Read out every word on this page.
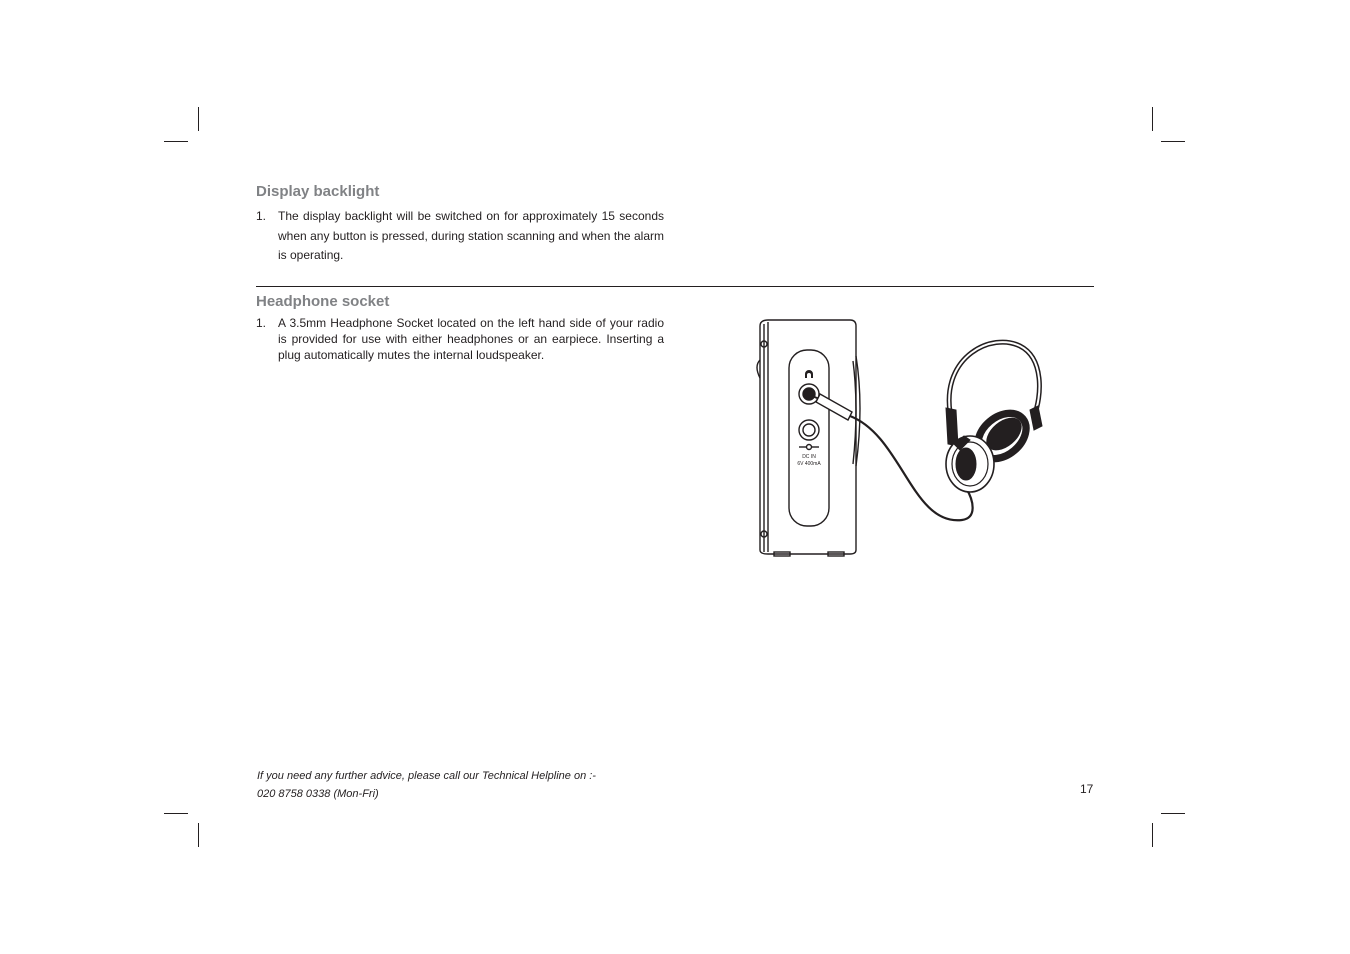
Display backlight
1. The display backlight will be switched on for approximately 15 seconds when any button is pressed, during station scanning and when the alarm is operating.
Headphone socket
1. A 3.5mm Headphone Socket located on the left hand side of your radio is provided for use with either headphones or an earpiece. Inserting a plug automatically mutes the internal loudspeaker.
DC IN
6V 400mA
If you need any further advice, please call our Technical Helpline on :-
020 8758 0338 (Mon-Fri)	17
